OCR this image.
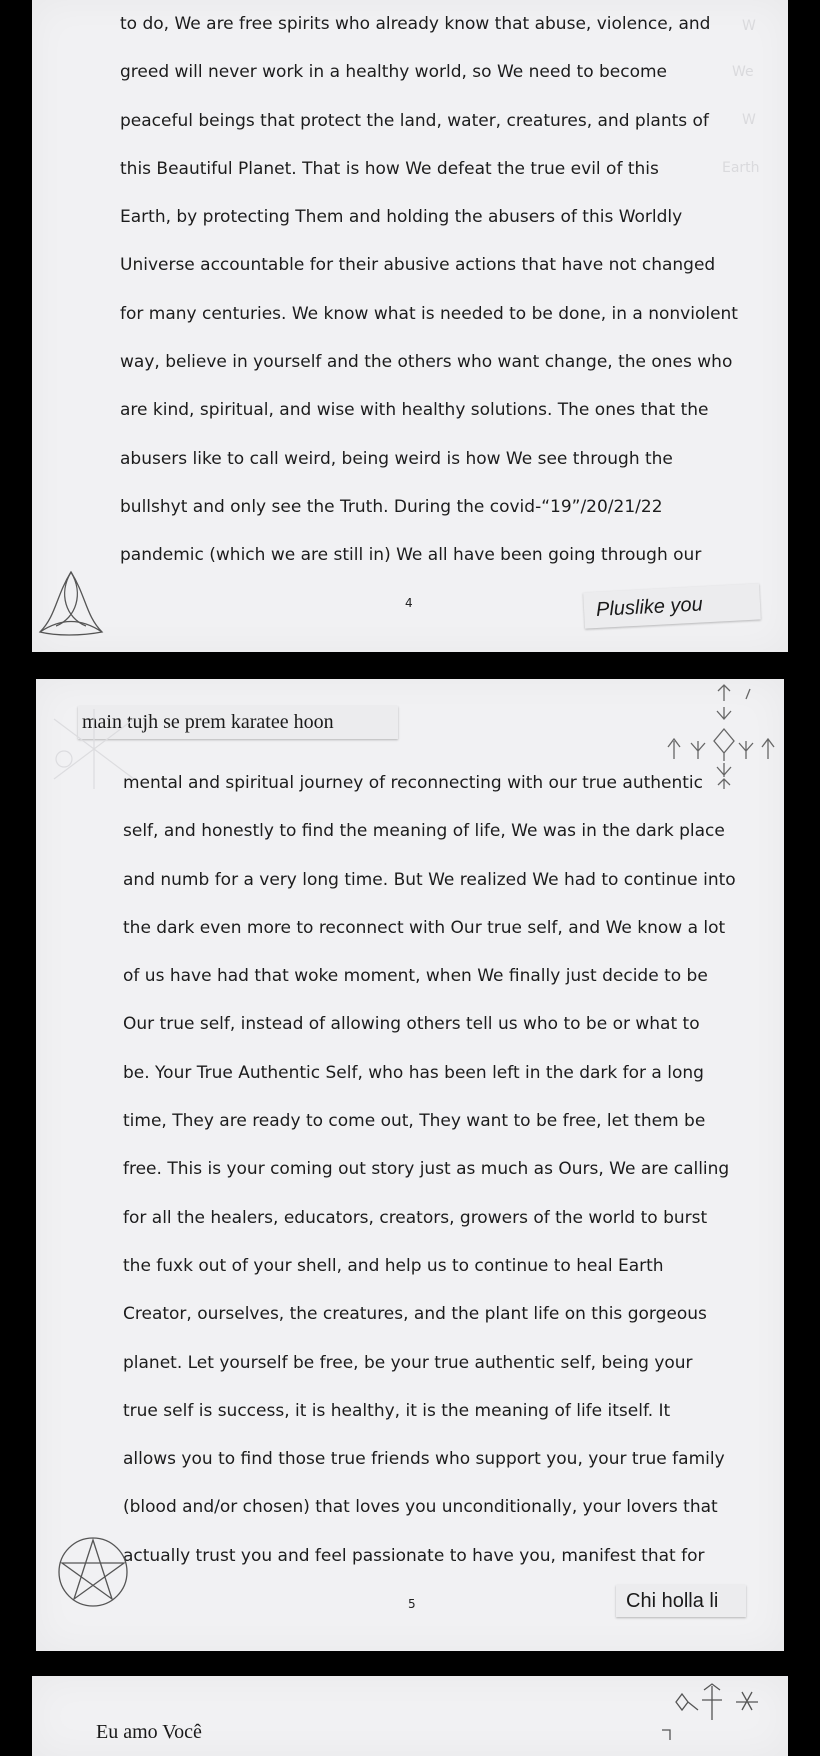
to do, We are free spirits who already know that abuse, violence, and
greed will never work in a healthy world, so We need to become
peaceful beings that protect the land, water, creatures, and plants of
this Beautiful Planet. That is how We defeat the true evil of this
Earth, by protecting Them and holding the abusers of this Worldly
Universe accountable for their abusive actions that have not changed
for many centuries. We know what is needed to be done, in a nonviolent
way, believe in yourself and the others who want change, the ones who
are kind, spiritual, and wise with healthy solutions. The ones that the
abusers like to call weird, being weird is how We see through the
bullshyt and only see the Truth. During the covid-“19”/20/21/22
pandemic (which we are still in) We all have been going through our
W
We
W
Earth
4	Pluslike you
main tujh se prem karatee hoon
mental and spiritual journey of reconnecting with our true authentic
self, and honestly to find the meaning of life, We was in the dark place
and numb for a very long time. But We realized We had to continue into
the dark even more to reconnect with Our true self, and We know a lot
of us have had that woke moment, when We finally just decide to be
Our true self, instead of allowing others tell us who to be or what to
be. Your True Authentic Self, who has been left in the dark for a long
time, They are ready to come out, They want to be free, let them be
free. This is your coming out story just as much as Ours, We are calling
for all the healers, educators, creators, growers of the world to burst
the fuxk out of your shell, and help us to continue to heal Earth
Creator, ourselves, the creatures, and the plant life on this gorgeous
planet. Let yourself be free, be your true authentic self, being your
true self is success, it is healthy, it is the meaning of life itself. It
allows you to find those true friends who support you, your true family
(blood and/or chosen) that loves you unconditionally, your lovers that
actually trust you and feel passionate to have you, manifest that for
5	Chi holla li
Eu amo Você
